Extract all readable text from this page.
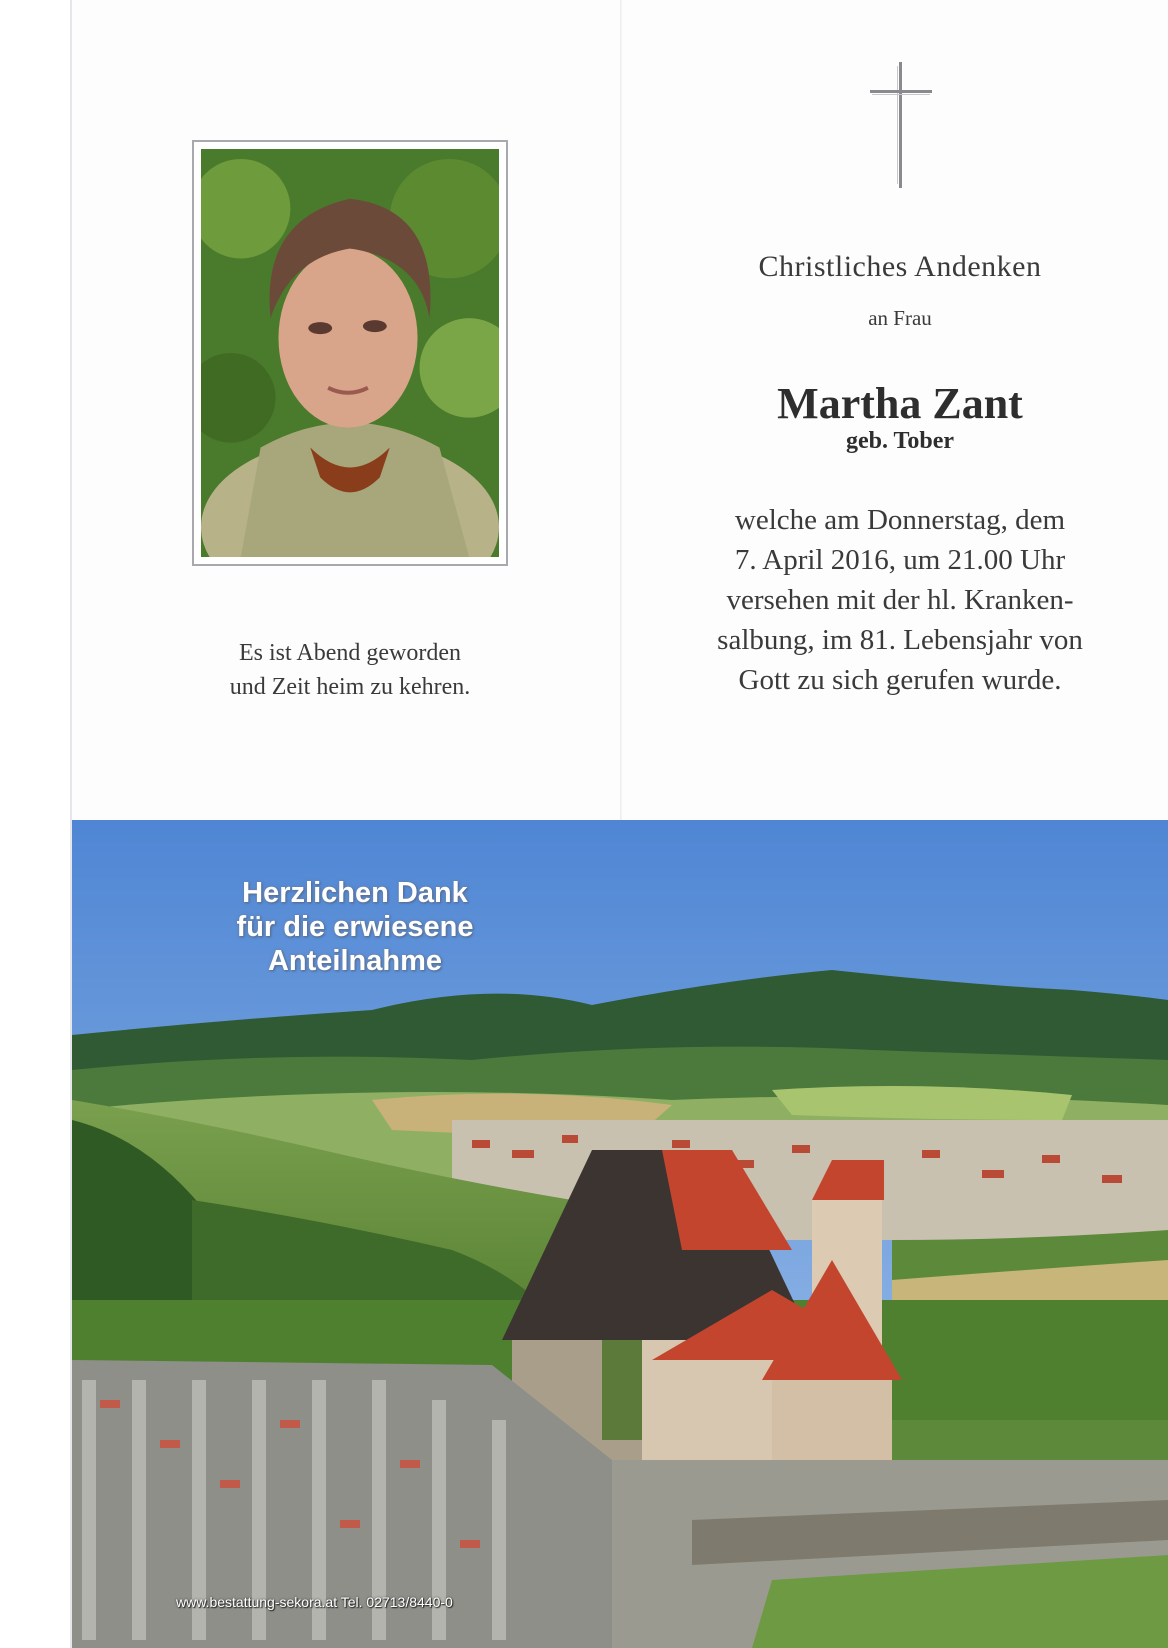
Es ist Abend geworden
und Zeit heim zu kehren.
Christliches Andenken
an Frau
Martha Zant
geb. Tober
welche am Donnerstag, dem
7. April 2016, um 21.00 Uhr
versehen mit der hl. Kranken-
salbung, im 81. Lebensjahr von
Gott zu sich gerufen wurde.
Herzlichen Dank
für die erwiesene
Anteilnahme
www.bestattung-sekora.at Tel. 02713/8440-0
